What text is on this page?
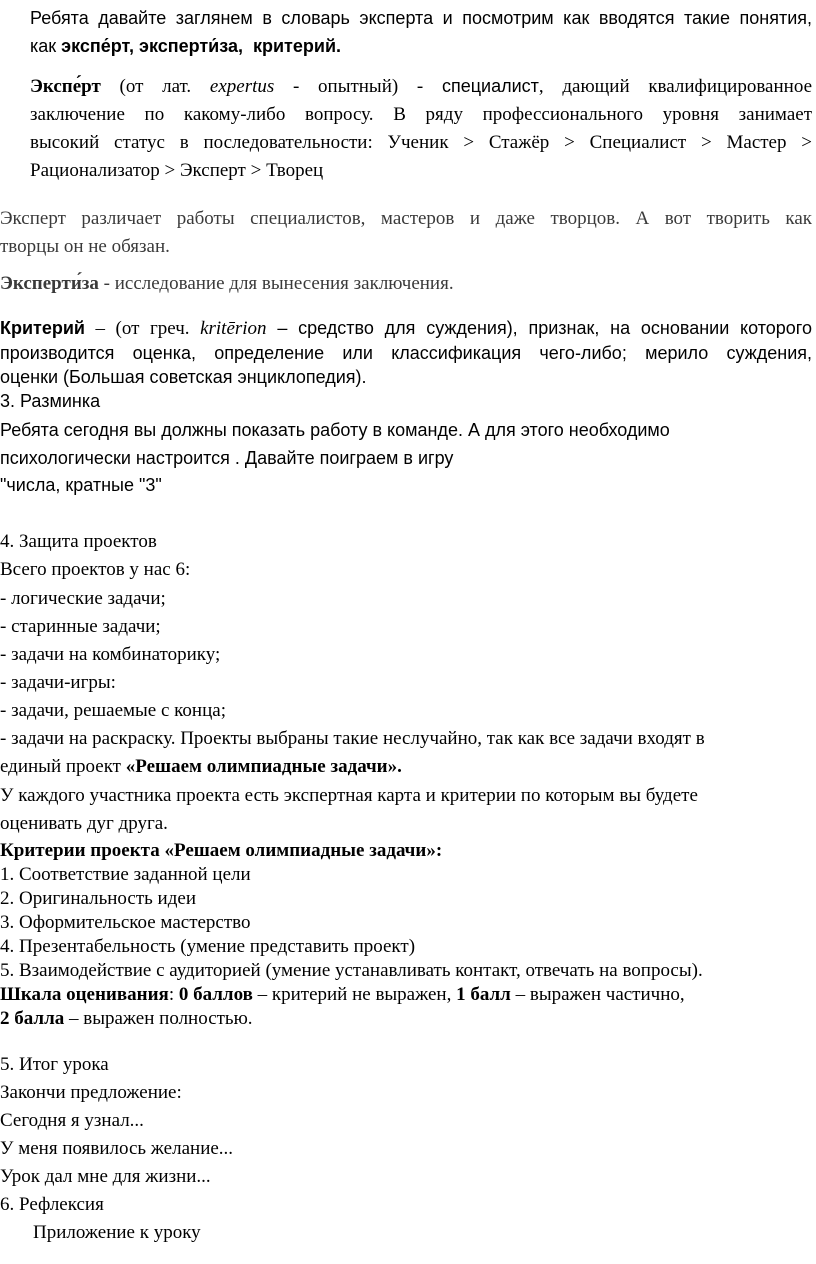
Ребята давайте заглянем в словарь эксперта и посмотрим как вводятся такие понятия,
как экспе́рт, эксперти́за, критерий.
Экспе́рт (от лат. expertus - опытный) - специалист, дающий квалифицированное
заключение по какому-либо вопросу. В ряду профессионального уровня занимает
высокий статус в последовательности: Ученик > Стажёр > Специалист > Мастер >
Рационализатор > Эксперт > Творец
Эксперт различает работы специалистов, мастеров и даже творцов. А вот творить как
творцы он не обязан.
Эксперти́за - исследование для вынесения заключения.
Критерий – (от греч. kritērion – средство для суждения), признак, на основании которого
производится оценка, определение или классификация чего-либо; мерило суждения,
оценки (Большая советская энциклопедия).
3. Разминка
Ребята сегодня вы должны показать работу в команде. А для этого необходимо
психологически настроится . Давайте поиграем в игру
"числа, кратные "3"
4. Защита проектов
Всего проектов у нас 6:
- логические задачи;
- старинные задачи;
- задачи на комбинаторику;
- задачи-игры:
- задачи, решаемые с конца;
- задачи на раскраску. Проекты выбраны такие неслучайно, так как все задачи входят в
единый проект «Решаем олимпиадные задачи».
У каждого участника проекта есть экспертная карта и критерии по которым вы будете
оценивать дуг друга.
Критерии проекта «Решаем олимпиадные задачи»:
1. Соответствие заданной цели
2. Оригинальность идеи
3. Оформительское мастерство
4. Презентабельность (умение представить проект)
5. Взаимодействие с аудиторией (умение устанавливать контакт, отвечать на вопросы).
Шкала оценивания: 0 баллов – критерий не выражен, 1 балл – выражен частично,
2 балла – выражен полностью.
5. Итог урока
Закончи предложение:
Сегодня я узнал...
У меня появилось желание...
Урок дал мне для жизни...
6. Рефлексия
Приложение к уроку
